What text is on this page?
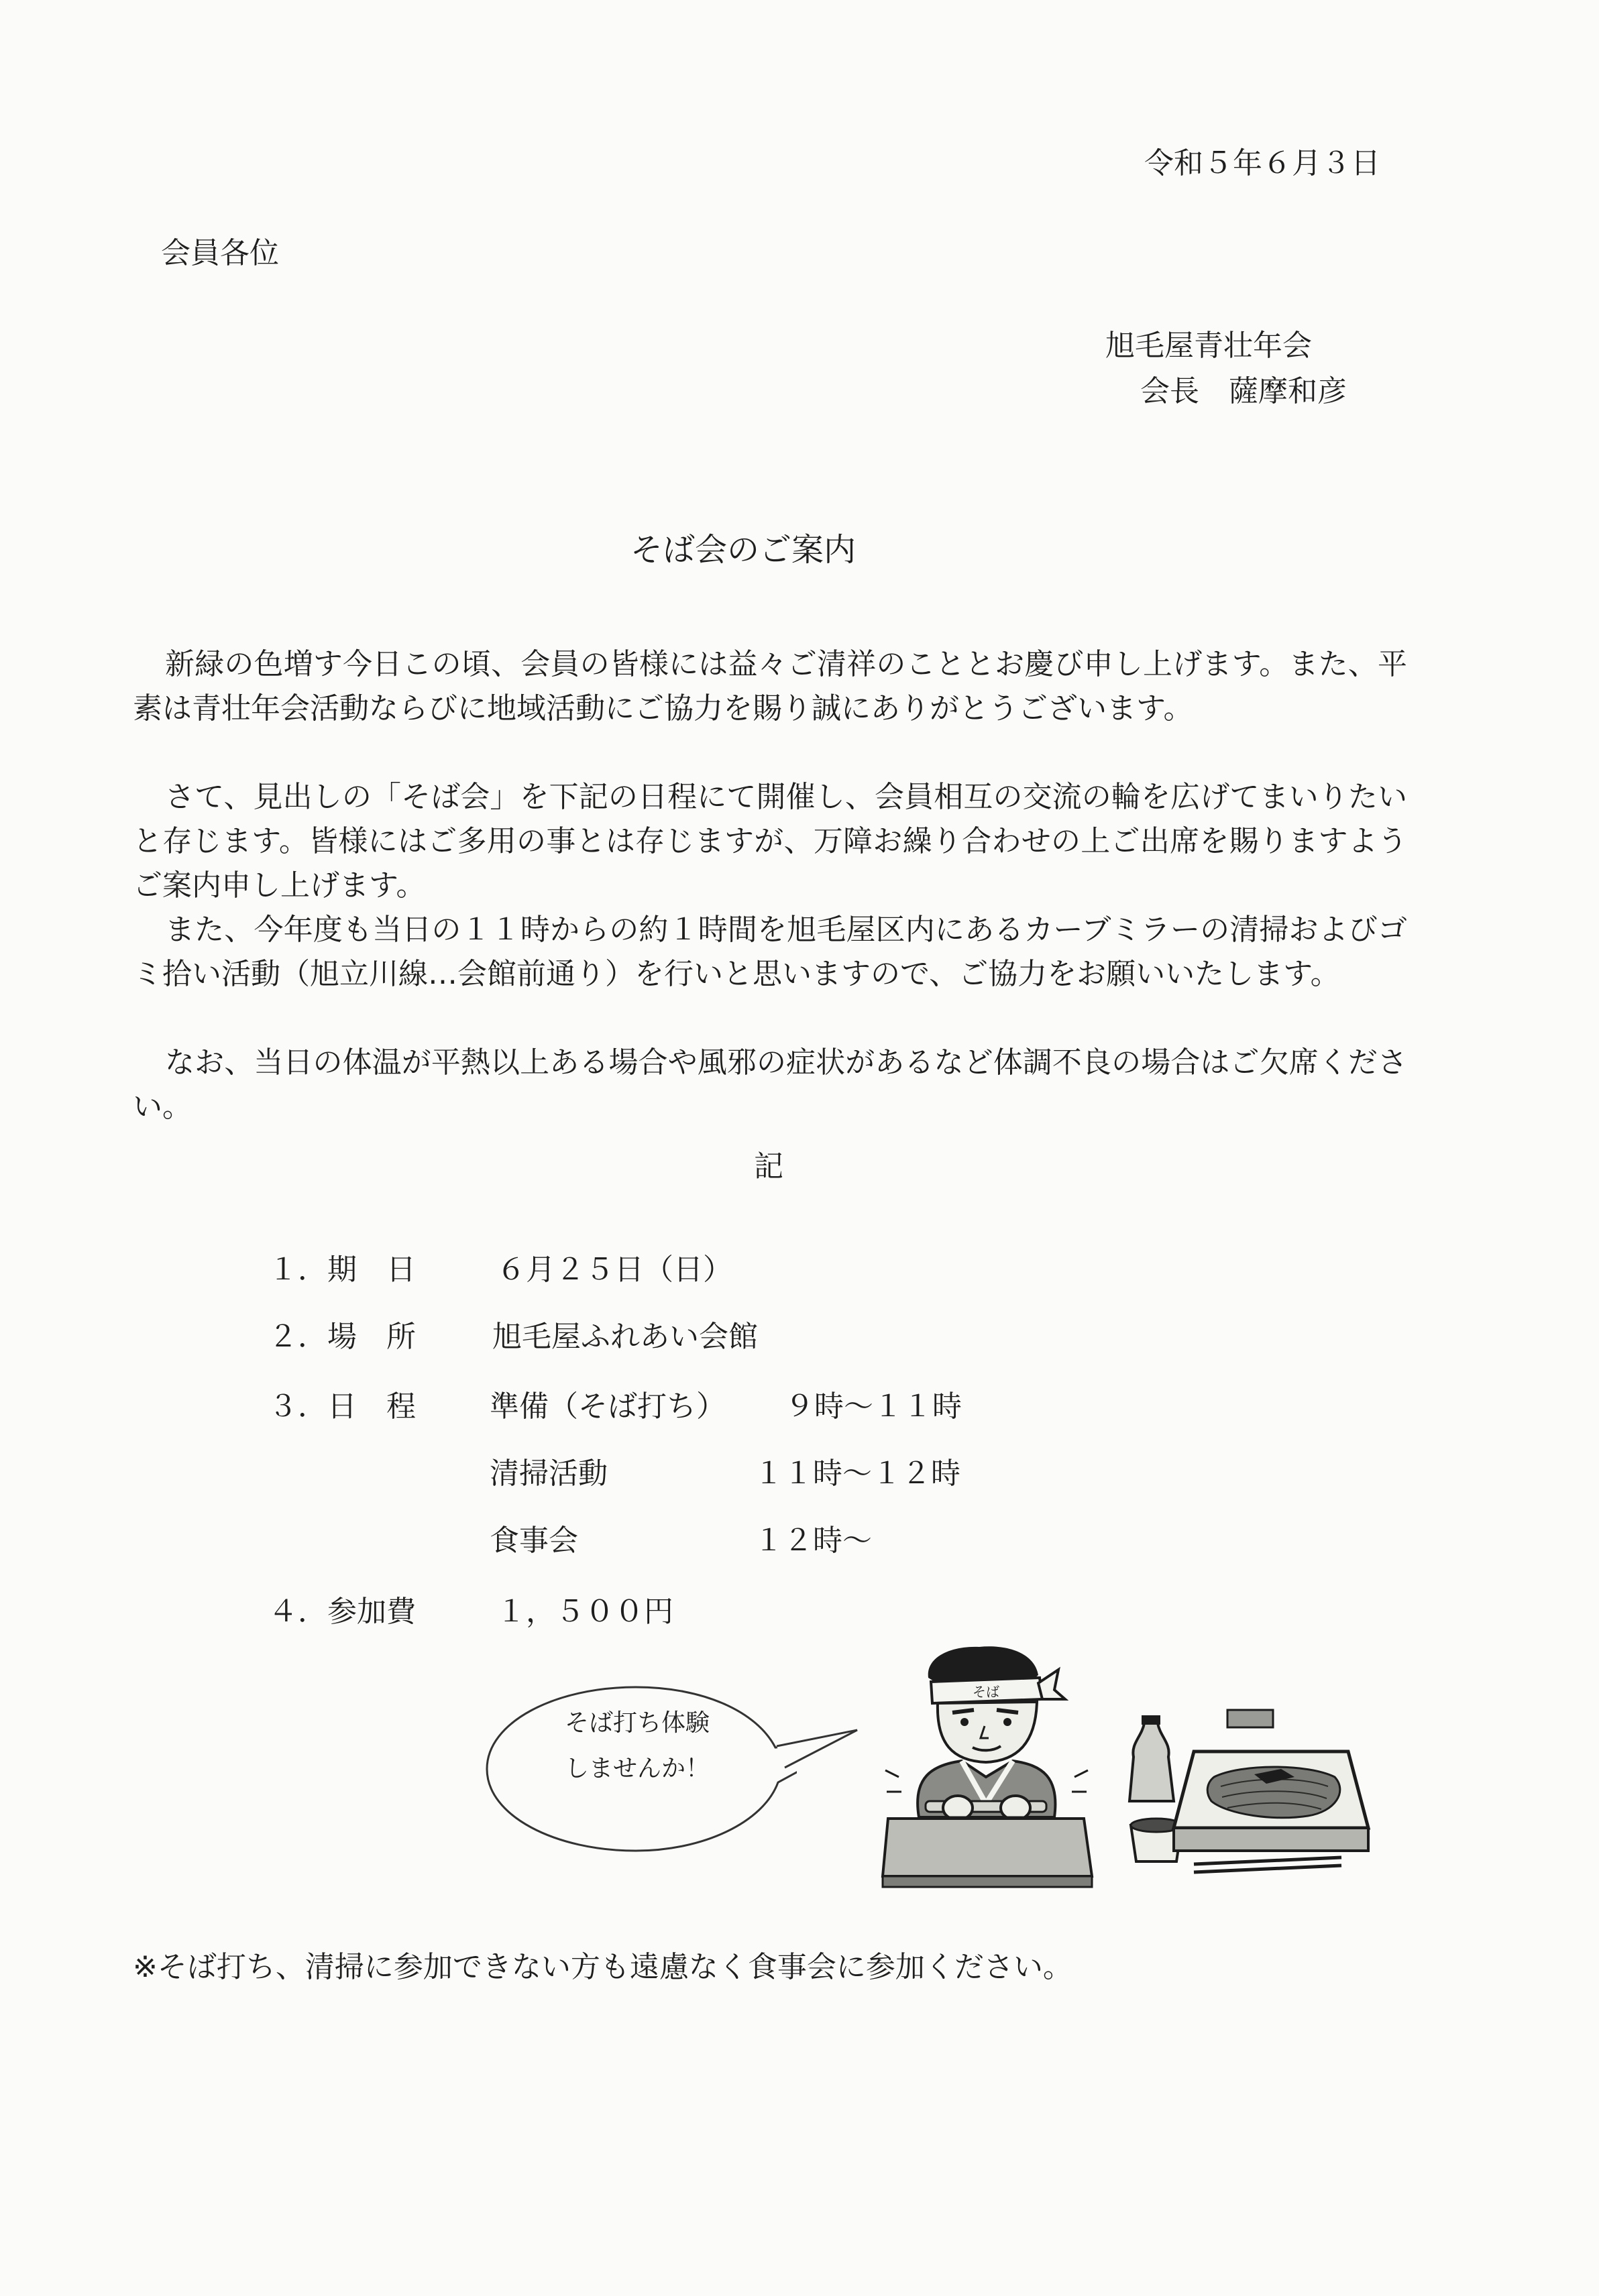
令和５年６月３日
会員各位
旭毛屋青壮年会
会長　薩摩和彦
そば会のご案内

新緑の色増す今日この頃、会員の皆様には益々ご清祥のこととお慶び申し上げます。また、平素は青壮年会活動ならびに地域活動にご協力を賜り誠にありがとうございます。

さて、見出しの「そば会」を下記の日程にて開催し、会員相互の交流の輪を広げてまいりたいと存じます。皆様にはご多用の事とは存じますが、万障お繰り合わせの上ご出席を賜りますようご案内申し上げます。

また、今年度も当日の１１時からの約１時間を旭毛屋区内にあるカーブミラーの清掃およびゴミ拾い活動（旭立川線…会館前通り）を行いと思いますので、ご協力をお願いいたします。

なお、当日の体温が平熱以上ある場合や風邪の症状があるなど体調不良の場合はご欠席ください。

記
１．期　日	６月２５日（日）
２．場　所	旭毛屋ふれあい会館
３．日　程	準備（そば打ち） ９時～１１時
清掃活動	１１時～１２時
食事会	１２時～
４．参加費	１，５００円
そば打ち体験
しませんか！
そば
※そば打ち、清掃に参加できない方も遠慮なく食事会に参加ください。
